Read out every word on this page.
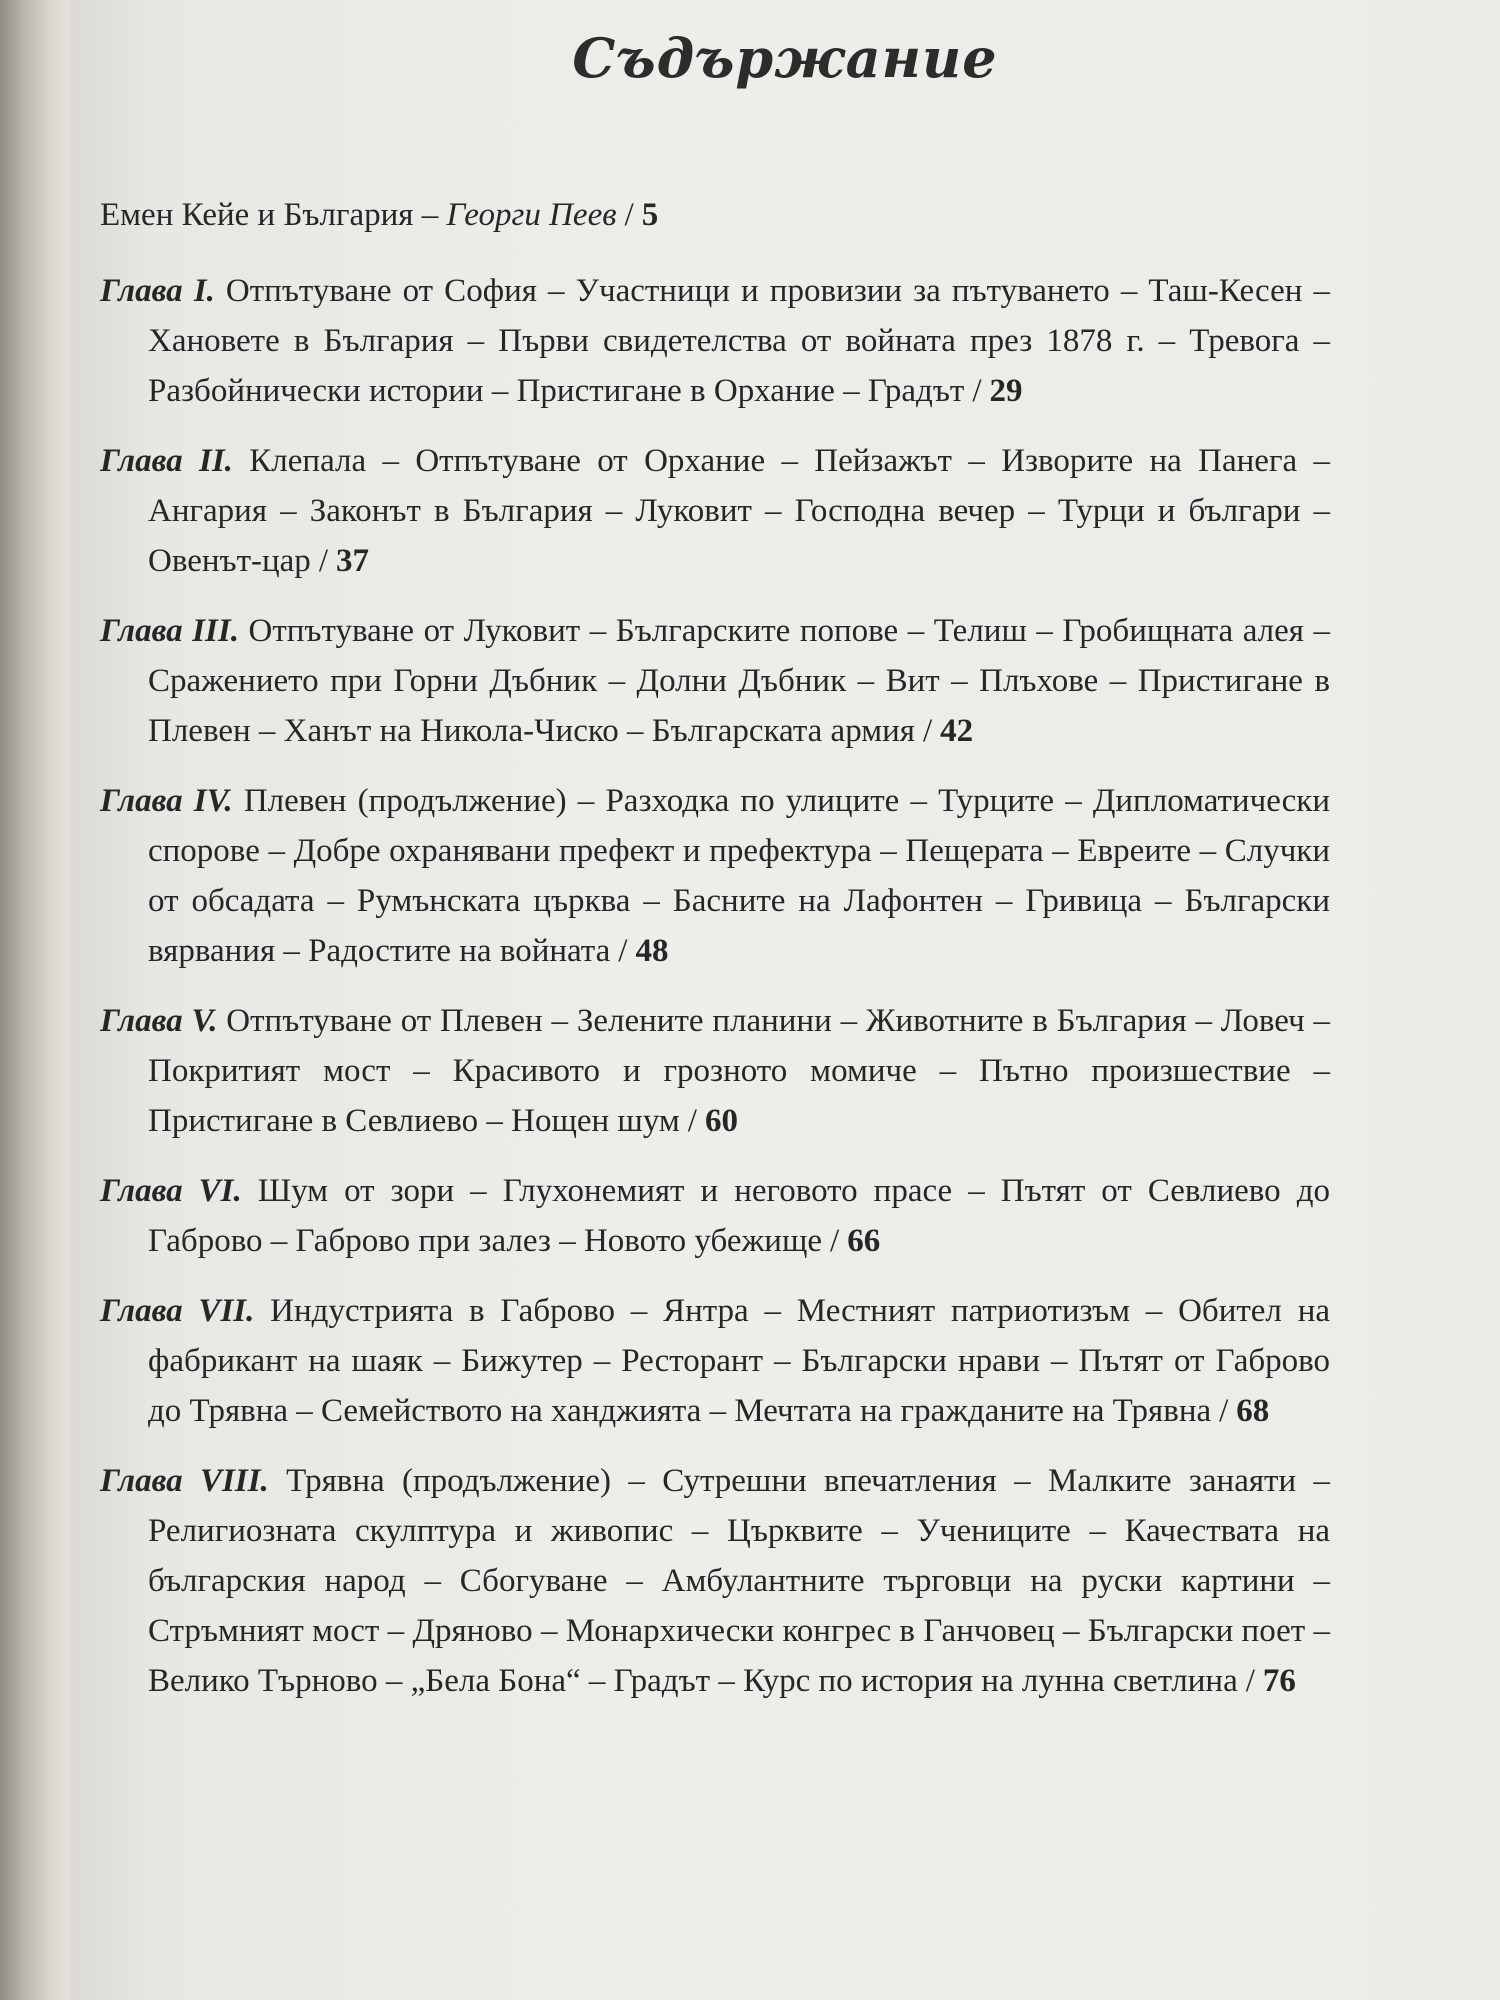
Съдържание
Емен Кейе и България – Георги Пеев / 5
Глава I. Отпътуване от София – Участници и провизии за пътуването – Таш-Кесен – Хановете в България – Първи свидетелства от войната през 1878 г. – Тревога – Разбойнически истории – Пристигане в Орхание – Градът / 29
Глава II. Клепала – Отпътуване от Орхание – Пейзажът – Изворите на Панега – Ангария – Законът в България – Луковит – Господна вечер – Турци и българи – Овенът-цар / 37
Глава III. Отпътуване от Луковит – Българските попове – Телиш – Гробищната алея – Сражението при Горни Дъбник – Долни Дъбник – Вит – Плъхове – Пристигане в Плевен – Ханът на Никола-Чиско – Българската армия / 42
Глава IV. Плевен (продължение) – Разходка по улиците – Турците – Дипломатически спорове – Добре охранявани префект и префектура – Пещерата – Евреите – Случки от обсадата – Румънската църква – Басните на Лафонтен – Гривица – Български вярвания – Радостите на войната / 48
Глава V. Отпътуване от Плевен – Зелените планини – Животните в България – Ловеч – Покритият мост – Красивото и грозното момиче – Пътно произшествие – Пристигане в Севлиево – Нощен шум / 60
Глава VI. Шум от зори – Глухонемият и неговото прасе – Пътят от Севлиево до Габрово – Габрово при залез – Новото убежище / 66
Глава VII. Индустрията в Габрово – Янтра – Местният патриотизъм – Обител на фабрикант на шаяк – Бижутер – Ресторант – Български нрави – Пътят от Габрово до Трявна – Семейството на ханджията – Мечтата на гражданите на Трявна / 68
Глава VIII. Трявна (продължение) – Сутрешни впечатления – Малките занаяти – Религиозната скулптура и живопис – Църквите – Учениците – Качествата на българския народ – Сбогуване – Амбулантните търговци на руски картини – Стръмният мост – Дряново – Монархически конгрес в Ганчовец – Български поет – Велико Търново – „Бела Бона“ – Градът – Курс по история на лунна светлина / 76
